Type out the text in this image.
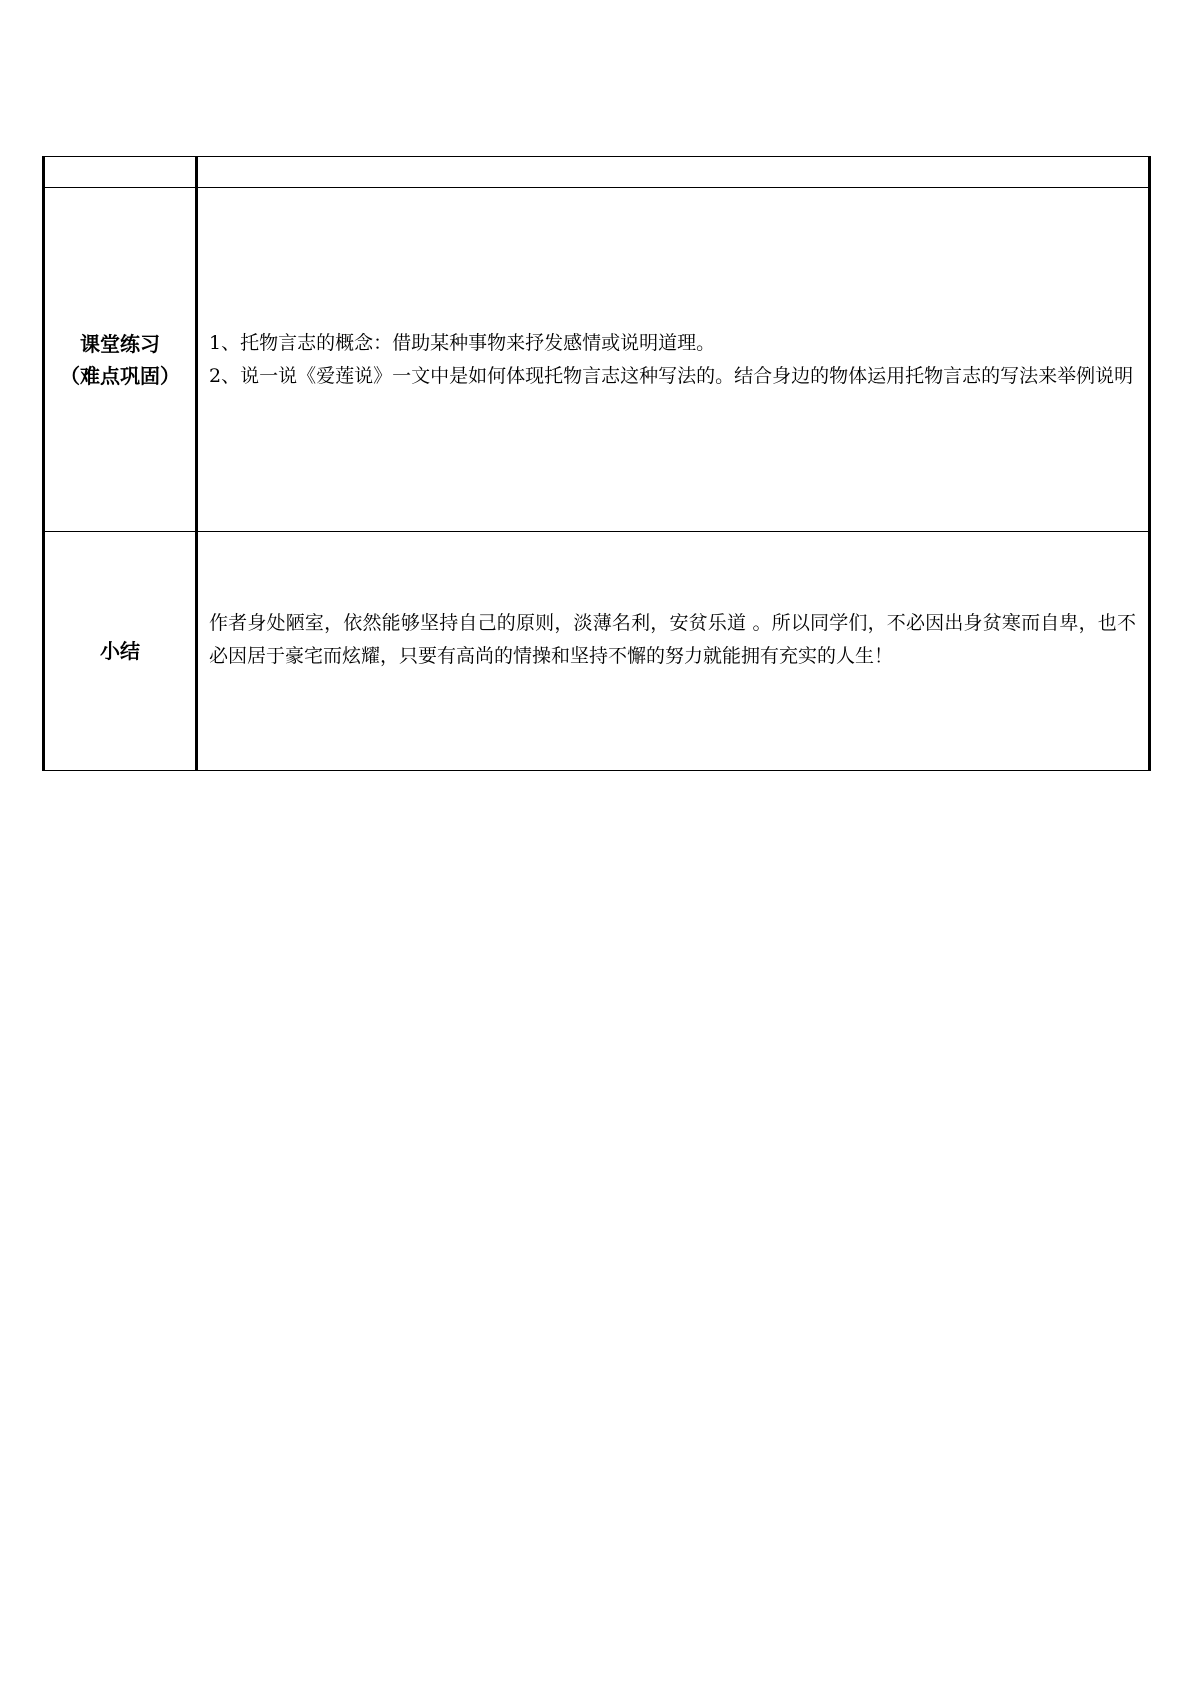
课堂练习
（难点巩固）	1、托物言志的概念：借助某种事物来抒发感情或说明道理。
2、说一说《爱莲说》一文中是如何体现托物言志这种写法的。结合身边的物体运用托物言志的写法来举例说明

小结	作者身处陋室，依然能够坚持自己的原则，淡薄名利，安贫乐道 。所以同学们，不必因出身贫寒而自卑，也不必因居于豪宅而炫耀，只要有高尚的情操和坚持不懈的努力就能拥有充实的人生！
